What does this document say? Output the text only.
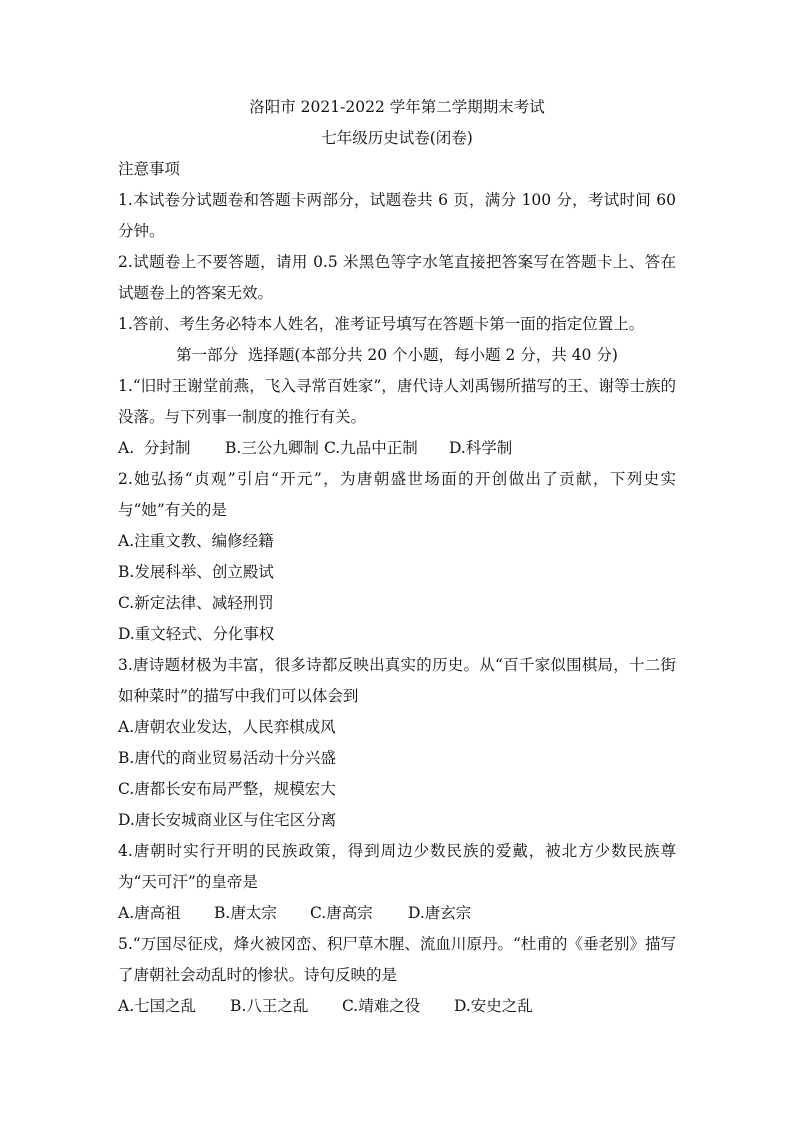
洛阳市 2021-2022 学年第二学期期末考试

七年级历史试卷(闭卷)

注意事项

1.本试卷分试题卷和答题卡两部分，试题卷共 6 页，满分 100 分，考试时间 60 分钟。

2.试题卷上不要答题，请用 0.5 米黑色等字水笔直接把答案写在答题卡上、答在试题卷上的答案无效。

1.答前、考生务必特本人姓名，准考证号填写在答题卡第一面的指定位置上。

第一部分  选择题(本部分共 20 个小题，每小题 2 分，共 40 分)

1.“旧时王谢堂前燕，飞入寻常百姓家”，唐代诗人刘禹锡所描写的王、谢等士族的没落。与下列事一制度的推行有关。

A.  分封制	B.三公九卿制 C.九品中正制	D.科学制

2.她弘扬“贞观”引启“开元”，为唐朝盛世场面的开创做出了贡献，下列史实与“她”有关的是

A.注重文教、编修经籍

B.发展科举、创立殿试

C.新定法律、减轻刑罚

D.重文轻式、分化事权

3.唐诗题材极为丰富，很多诗都反映出真实的历史。从“百千家似围棋局，十二街如种菜时”的描写中我们可以体会到

A.唐朝农业发达，人民弈棋成风

B.唐代的商业贸易活动十分兴盛

C.唐都长安布局严整，规模宏大

D.唐长安城商业区与住宅区分离

4.唐朝时实行开明的民族政策，得到周边少数民族的爱戴，被北方少数民族尊为“天可汗”的皇帝是

A.唐高祖	B.唐太宗	C.唐高宗	D.唐玄宗

5.“万国尽征戍，烽火被冈峦、积尸草木腥、流血川原丹。“杜甫的《垂老别》描写了唐朝社会动乱时的惨状。诗句反映的是

A.七国之乱	B.八王之乱	C.靖难之役	D.安史之乱
